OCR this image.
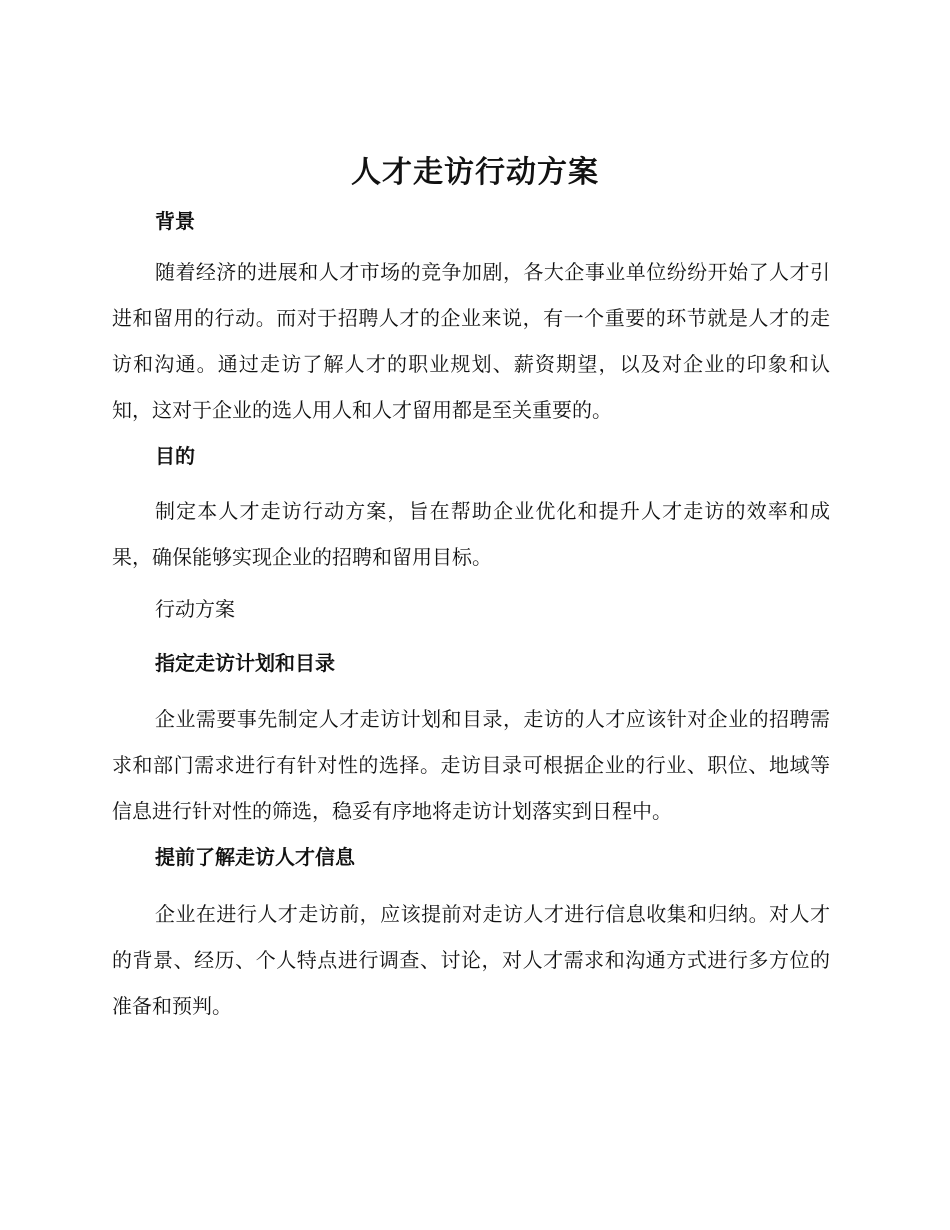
人才走访行动方案
背景

随着经济的进展和人才市场的竞争加剧，各大企事业单位纷纷开始了人才引进和留用的行动。而对于招聘人才的企业来说，有一个重要的环节就是人才的走访和沟通。通过走访了解人才的职业规划、薪资期望，以及对企业的印象和认知，这对于企业的选人用人和人才留用都是至关重要的。

目的

制定本人才走访行动方案，旨在帮助企业优化和提升人才走访的效率和成果，确保能够实现企业的招聘和留用目标。

行动方案
指定走访计划和目录

企业需要事先制定人才走访计划和目录，走访的人才应该针对企业的招聘需求和部门需求进行有针对性的选择。走访目录可根据企业的行业、职位、地域等信息进行针对性的筛选，稳妥有序地将走访计划落实到日程中。

提前了解走访人才信息

企业在进行人才走访前，应该提前对走访人才进行信息收集和归纳。对人才的背景、经历、个人特点进行调查、讨论，对人才需求和沟通方式进行多方位的准备和预判。
